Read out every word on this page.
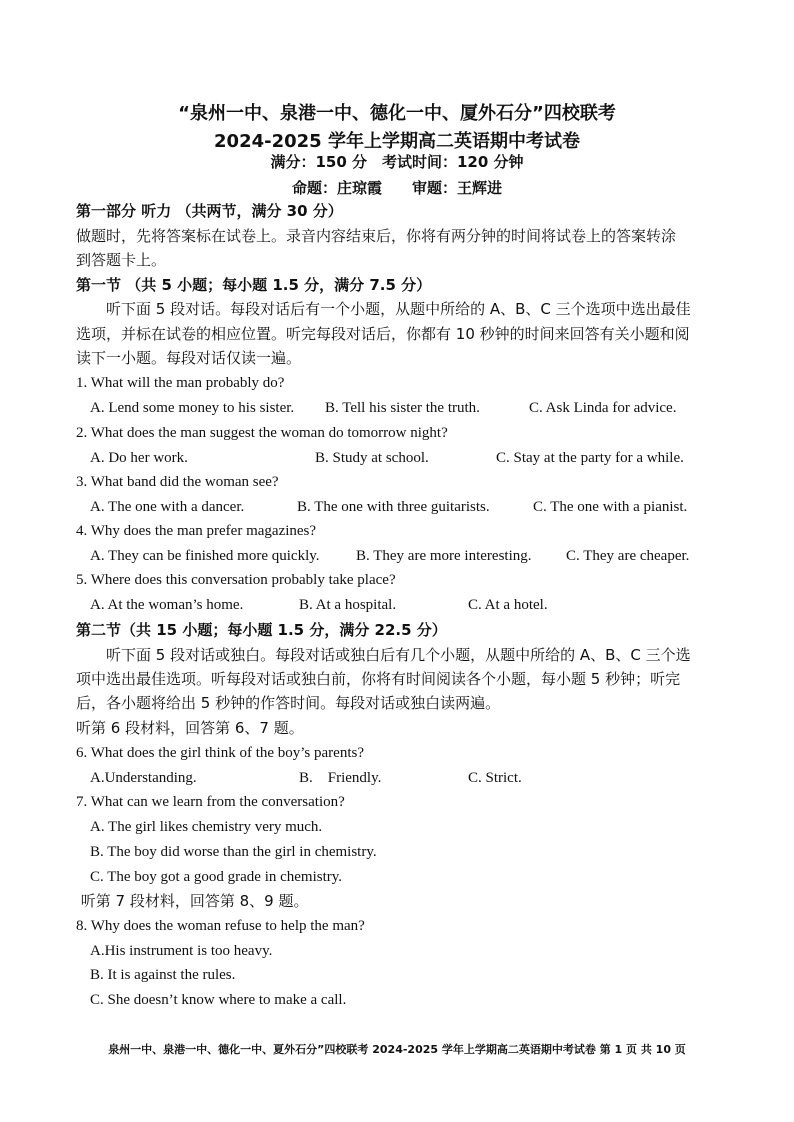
“泉州一中、泉港一中、德化一中、厦外石分”四校联考
2024-2025 学年上学期高二英语期中考试卷
满分：150 分　考试时间：120 分钟
命题：庄琼霞　　审题：王辉进
第一部分 听力 （共两节，满分 30 分）
做题时，先将答案标在试卷上。录音内容结束后，你将有两分钟的时间将试卷上的答案转涂
到答题卡上。
第一节 （共 5 小题；每小题 1.5 分，满分 7.5 分）
　　听下面 5 段对话。每段对话后有一个小题，从题中所给的 A、B、C 三个选项中选出最佳
选项，并标在试卷的相应位置。听完每段对话后，你都有 10 秒钟的时间来回答有关小题和阅
读下一小题。每段对话仅读一遍。
1. What will the man probably do?
A. Lend some money to his sister. B. Tell his sister the truth.	C. Ask Linda for advice.
2. What does the man suggest the woman do tomorrow night?
A. Do her work.	B. Study at school.	C. Stay at the party for a while.
3. What band did the woman see?
A. The one with a dancer.	B. The one with three guitarists.	C. The one with a pianist.
4. Why does the man prefer magazines?
A. They can be finished more quickly. B. They are more interesting. C. They are cheaper.
5. Where does this conversation probably take place?
A. At the woman’s home.	B. At a hospital.	C. At a hotel.
第二节（共 15 小题；每小题 1.5 分，满分 22.5 分）
　　听下面 5 段对话或独白。每段对话或独白后有几个小题，从题中所给的 A、B、C 三个选
项中选出最佳选项。听每段对话或独白前，你将有时间阅读各个小题，每小题 5 秒钟；听完
后，各小题将给出 5 秒钟的作答时间。每段对话或独白读两遍。
听第 6 段材料，回答第 6、7 题。
6. What does the girl think of the boy’s parents?
A.Understanding.	B.    Friendly.	C. Strict.
7. What can we learn from the conversation?
A. The girl likes chemistry very much.
B. The boy did worse than the girl in chemistry.
C. The boy got a good grade in chemistry.
听第 7 段材料，回答第 8、9 题。
8. Why does the woman refuse to help the man?
A.His instrument is too heavy.
B. It is against the rules.
C. She doesn’t know where to make a call.
泉州一中、泉港一中、德化一中、夏外石分”四校联考 2024-2025 学年上学期高二英语期中考试卷 第 1 页 共 10 页
